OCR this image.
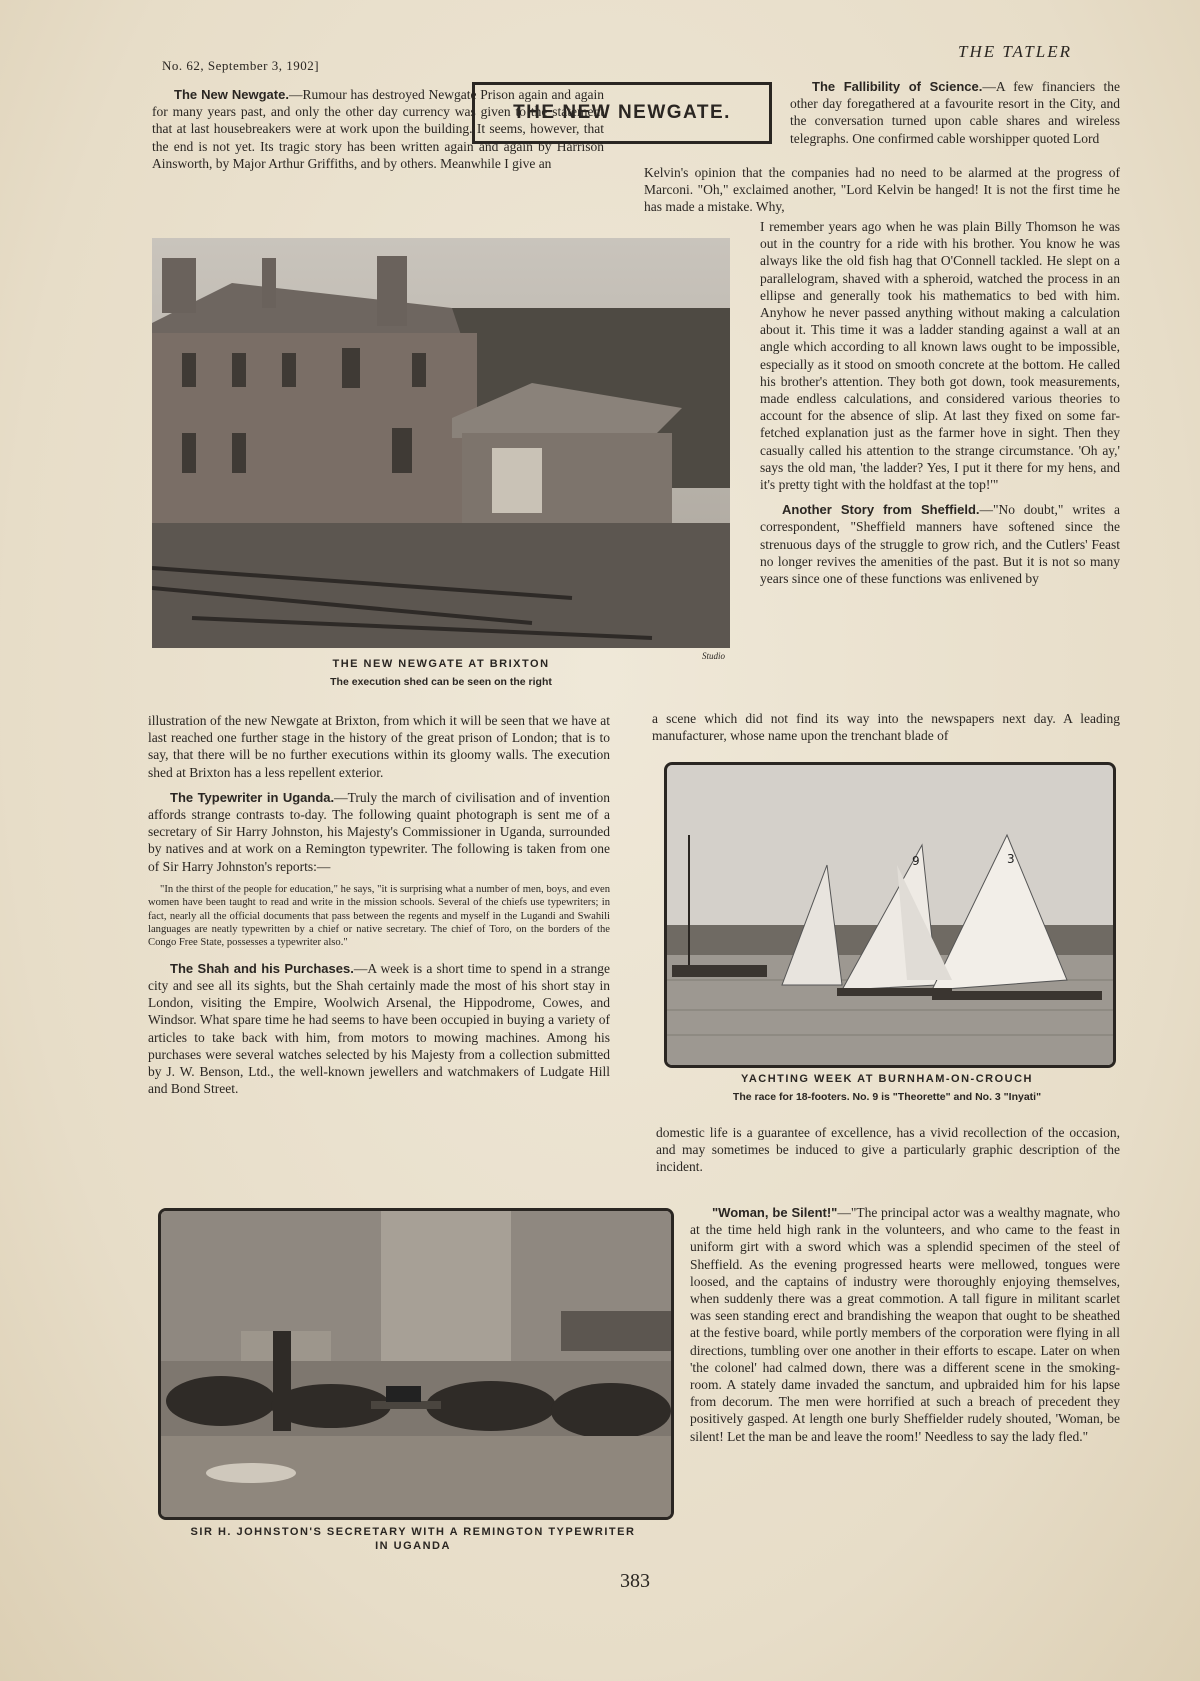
No. 62, September 3, 1902]
THE TATLER
THE NEW NEWGATE.

The New Newgate.—Rumour has destroyed Newgate Prison again and again for many years past, and only the other day currency was given to the statement that at last housebreakers were at work upon the building. It seems, however, that the end is not yet. Its tragic story has been written again and again by Harrison Ainsworth, by Major Arthur Griffiths, and by others. Meanwhile I give an

Studio
THE NEW NEWGATE AT BRIXTON
The execution shed can be seen on the right

illustration of the new Newgate at Brixton, from which it will be seen that we have at last reached one further stage in the history of the great prison of London; that is to say, that there will be no further executions within its gloomy walls. The execution shed at Brixton has a less repellent exterior.

The Typewriter in Uganda.—Truly the march of civilisation and of invention affords strange contrasts to-day. The following quaint photograph is sent me of a secretary of Sir Harry Johnston, his Majesty's Commissioner in Uganda, surrounded by natives and at work on a Remington typewriter. The following is taken from one of Sir Harry Johnston's reports:—

"In the thirst of the people for education," he says, "it is surprising what a number of men, boys, and even women have been taught to read and write in the mission schools. Several of the chiefs use typewriters; in fact, nearly all the official documents that pass between the regents and myself in the Lugandi and Swahili languages are neatly typewritten by a chief or native secretary. The chief of Toro, on the borders of the Congo Free State, possesses a typewriter also."

The Shah and his Purchases.—A week is a short time to spend in a strange city and see all its sights, but the Shah certainly made the most of his short stay in London, visiting the Empire, Woolwich Arsenal, the Hippodrome, Cowes, and Windsor. What spare time he had seems to have been occupied in buying a variety of articles to take back with him, from motors to mowing machines. Among his purchases were several watches selected by his Majesty from a collection submitted by J. W. Benson, Ltd., the well-known jewellers and watchmakers of Ludgate Hill and Bond Street.

SIR H. JOHNSTON'S SECRETARY WITH A REMINGTON TYPEWRITER
IN UGANDA

The Fallibility of Science.—A few financiers the other day foregathered at a favourite resort in the City, and the conversation turned upon cable shares and wireless telegraphs. One confirmed cable worshipper quoted Lord

Kelvin's opinion that the companies had no need to be alarmed at the progress of Marconi. "Oh," exclaimed another, "Lord Kelvin be hanged! It is not the first time he has made a mistake. Why,

I remember years ago when he was plain Billy Thomson he was out in the country for a ride with his brother. You know he was always like the old fish hag that O'Connell tackled. He slept on a parallelogram, shaved with a spheroid, watched the process in an ellipse and generally took his mathematics to bed with him. Anyhow he never passed anything without making a calculation about it. This time it was a ladder standing against a wall at an angle which according to all known laws ought to be impossible, especially as it stood on smooth concrete at the bottom. He called his brother's attention. They both got down, took measurements, made endless calculations, and considered various theories to account for the absence of slip. At last they fixed on some far-fetched explanation just as the farmer hove in sight. Then they casually called his attention to the strange circumstance. 'Oh ay,' says the old man, 'the ladder? Yes, I put it there for my hens, and it's pretty tight with the holdfast at the top!'"

Another Story from Sheffield.—"No doubt," writes a correspondent, "Sheffield manners have softened since the strenuous days of the struggle to grow rich, and the Cutlers' Feast no longer revives the amenities of the past. But it is not so many years since one of these functions was enlivened by

a scene which did not find its way into the newspapers next day. A leading manufacturer, whose name upon the trenchant blade of

9	3
YACHTING WEEK AT BURNHAM-ON-CROUCH
The race for 18-footers. No. 9 is "Theorette" and No. 3 "Inyati"

domestic life is a guarantee of excellence, has a vivid recollection of the occasion, and may sometimes be induced to give a particularly graphic description of the incident.

"Woman, be Silent!"—"The principal actor was a wealthy magnate, who at the time held high rank in the volunteers, and who came to the feast in uniform girt with a sword which was a splendid specimen of the steel of Sheffield. As the evening progressed hearts were mellowed, tongues were loosed, and the captains of industry were thoroughly enjoying themselves, when suddenly there was a great commotion. A tall figure in militant scarlet was seen standing erect and brandishing the weapon that ought to be sheathed at the festive board, while portly members of the corporation were flying in all directions, tumbling over one another in their efforts to escape. Later on when 'the colonel' had calmed down, there was a different scene in the smoking-room. A stately dame invaded the sanctum, and upbraided him for his lapse from decorum. The men were horrified at such a breach of precedent they positively gasped. At length one burly Sheffielder rudely shouted, 'Woman, be silent! Let the man be and leave the room!' Needless to say the lady fled."

383
